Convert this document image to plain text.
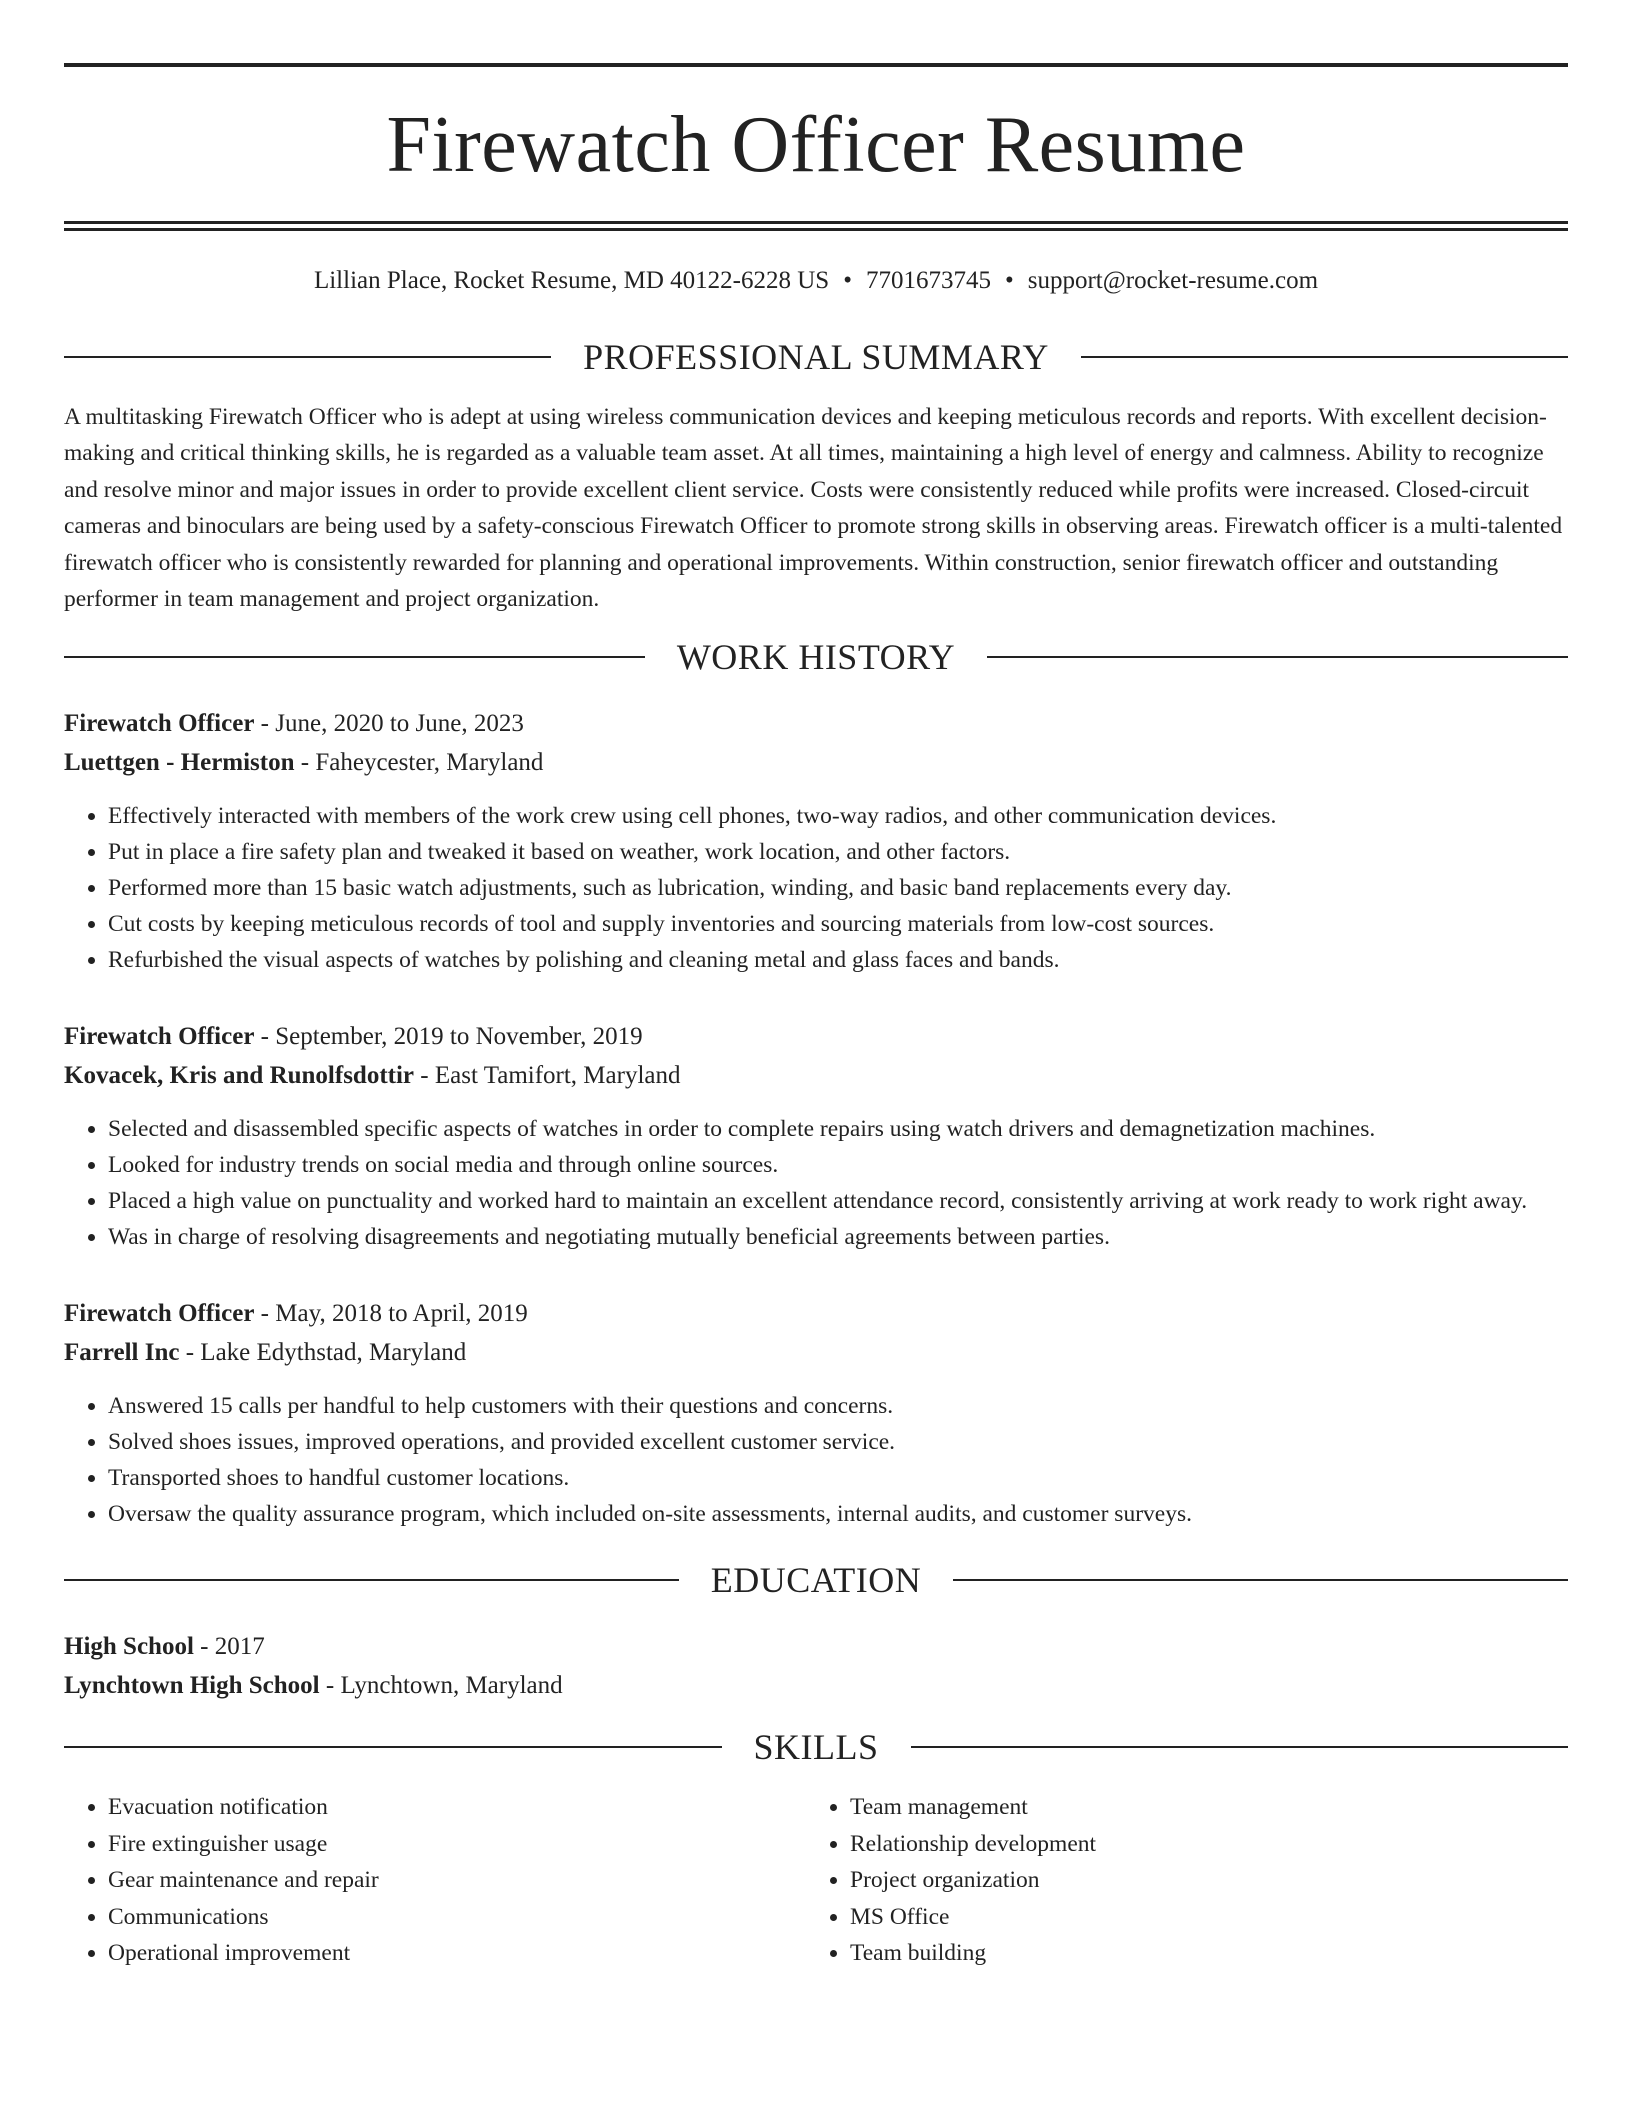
Firewatch Officer Resume
Lillian Place, Rocket Resume, MD 40122-6228 US • 7701673745 • support@rocket-resume.com
PROFESSIONAL SUMMARY

A multitasking Firewatch Officer who is adept at using wireless communication devices and keeping meticulous records and reports. With excellent decision-making and critical thinking skills, he is regarded as a valuable team asset. At all times, maintaining a high level of energy and calmness. Ability to recognize and resolve minor and major issues in order to provide excellent client service. Costs were consistently reduced while profits were increased. Closed-circuit cameras and binoculars are being used by a safety-conscious Firewatch Officer to promote strong skills in observing areas. Firewatch officer is a multi-talented firewatch officer who is consistently rewarded for planning and operational improvements. Within construction, senior firewatch officer and outstanding performer in team management and project organization.

WORK HISTORY
Firewatch Officer - June, 2020 to June, 2023
Luettgen - Hermiston - Faheycester, Maryland
• Effectively interacted with members of the work crew using cell phones, two-way radios, and other communication devices.
• Put in place a fire safety plan and tweaked it based on weather, work location, and other factors.
• Performed more than 15 basic watch adjustments, such as lubrication, winding, and basic band replacements every day.
• Cut costs by keeping meticulous records of tool and supply inventories and sourcing materials from low-cost sources.
• Refurbished the visual aspects of watches by polishing and cleaning metal and glass faces and bands.
Firewatch Officer - September, 2019 to November, 2019
Kovacek, Kris and Runolfsdottir - East Tamifort, Maryland
• Selected and disassembled specific aspects of watches in order to complete repairs using watch drivers and demagnetization machines.
• Looked for industry trends on social media and through online sources.
• Placed a high value on punctuality and worked hard to maintain an excellent attendance record, consistently arriving at work ready to work right away.
• Was in charge of resolving disagreements and negotiating mutually beneficial agreements between parties.
Firewatch Officer - May, 2018 to April, 2019
Farrell Inc - Lake Edythstad, Maryland
• Answered 15 calls per handful to help customers with their questions and concerns.
• Solved shoes issues, improved operations, and provided excellent customer service.
• Transported shoes to handful customer locations.
• Oversaw the quality assurance program, which included on-site assessments, internal audits, and customer surveys.
EDUCATION
High School - 2017
Lynchtown High School - Lynchtown, Maryland
SKILLS
• Evacuation notification
• Fire extinguisher usage
• Gear maintenance and repair
• Communications
• Operational improvement
• Team management
• Relationship development
• Project organization
• MS Office
• Team building
